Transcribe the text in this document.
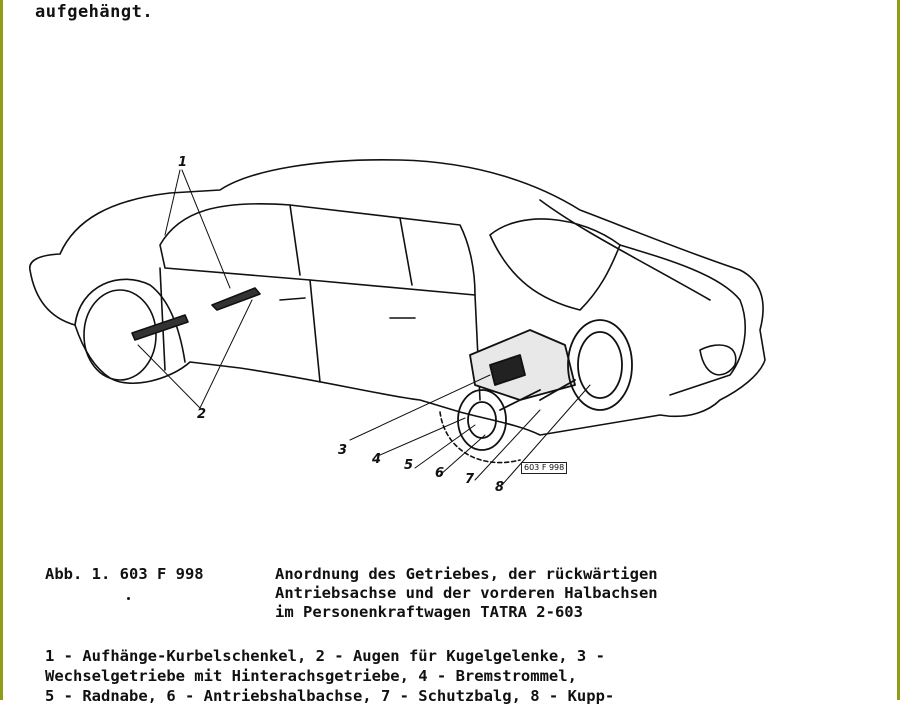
aufgehängt.
1
2
3
4 5
6 7
8
603 F 998
Abb. 1. 603 F 998	Anordnung des Getriebes, der rückwärtigen
Antriebsachse und der vorderen Halbachsen
im Personenkraftwagen TATRA 2-603
1 - Aufhänge-Kurbelschenkel, 2 - Augen für Kugelgelenke, 3 -
Wechselgetriebe mit Hinterachsgetriebe, 4 - Bremstrommel,
5 - Radnabe, 6 - Antriebshalbachse, 7 - Schutzbalg, 8 - Kupp-
